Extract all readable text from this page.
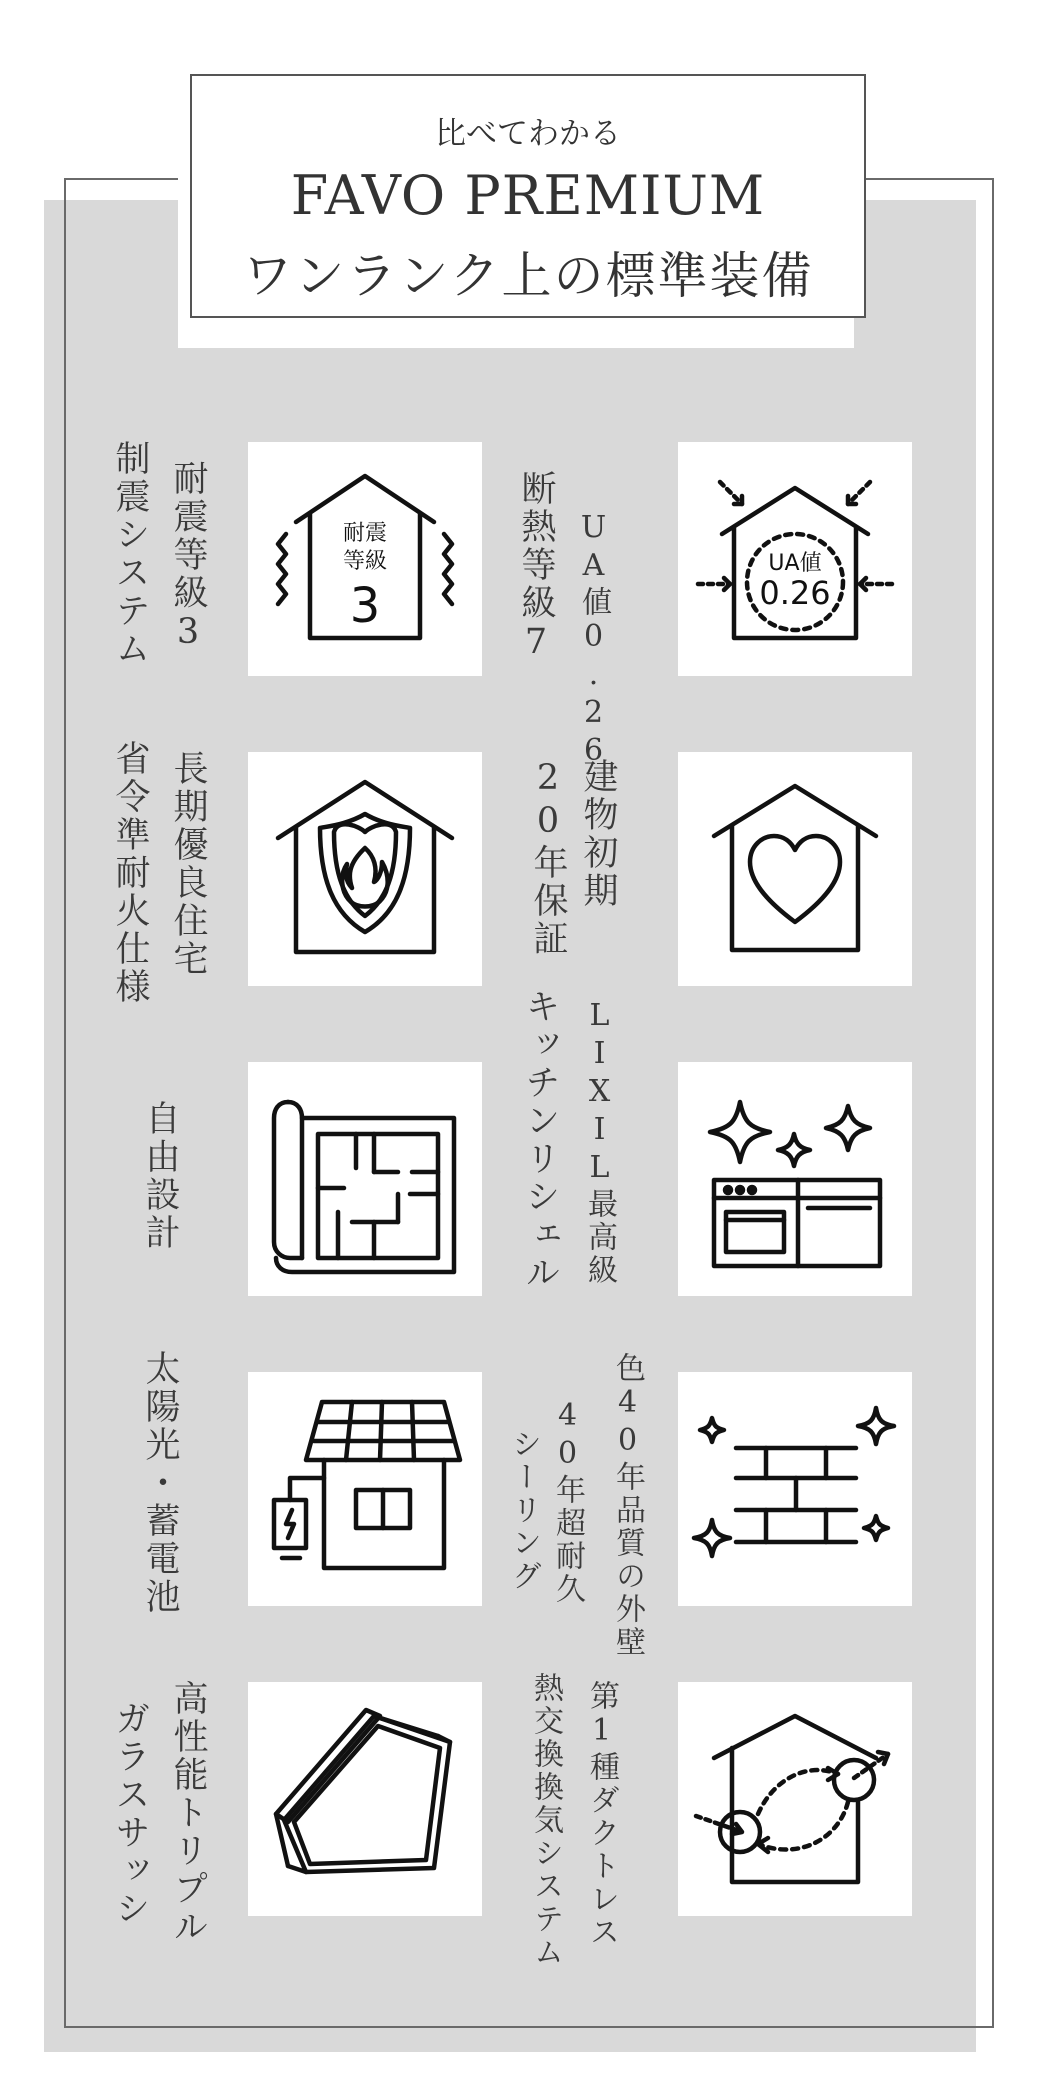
比べてわかる
FAVO PREMIUM
ワンランク上の標準装備
制震システム 耐震等級3	耐震
等級
3	断熱等級7 UA値0.26	UA値
0.26
省令準耐火仕様 長期優良住宅	20年保証 建物初期
自由設計	キッチンリシェル LIXIL最高級
太陽光・蓄電池	シーリング 40年超耐久 色40年品質の外壁
ガラスサッシ 高性能トリプル	熱交換換気システム 第1種ダクトレス
